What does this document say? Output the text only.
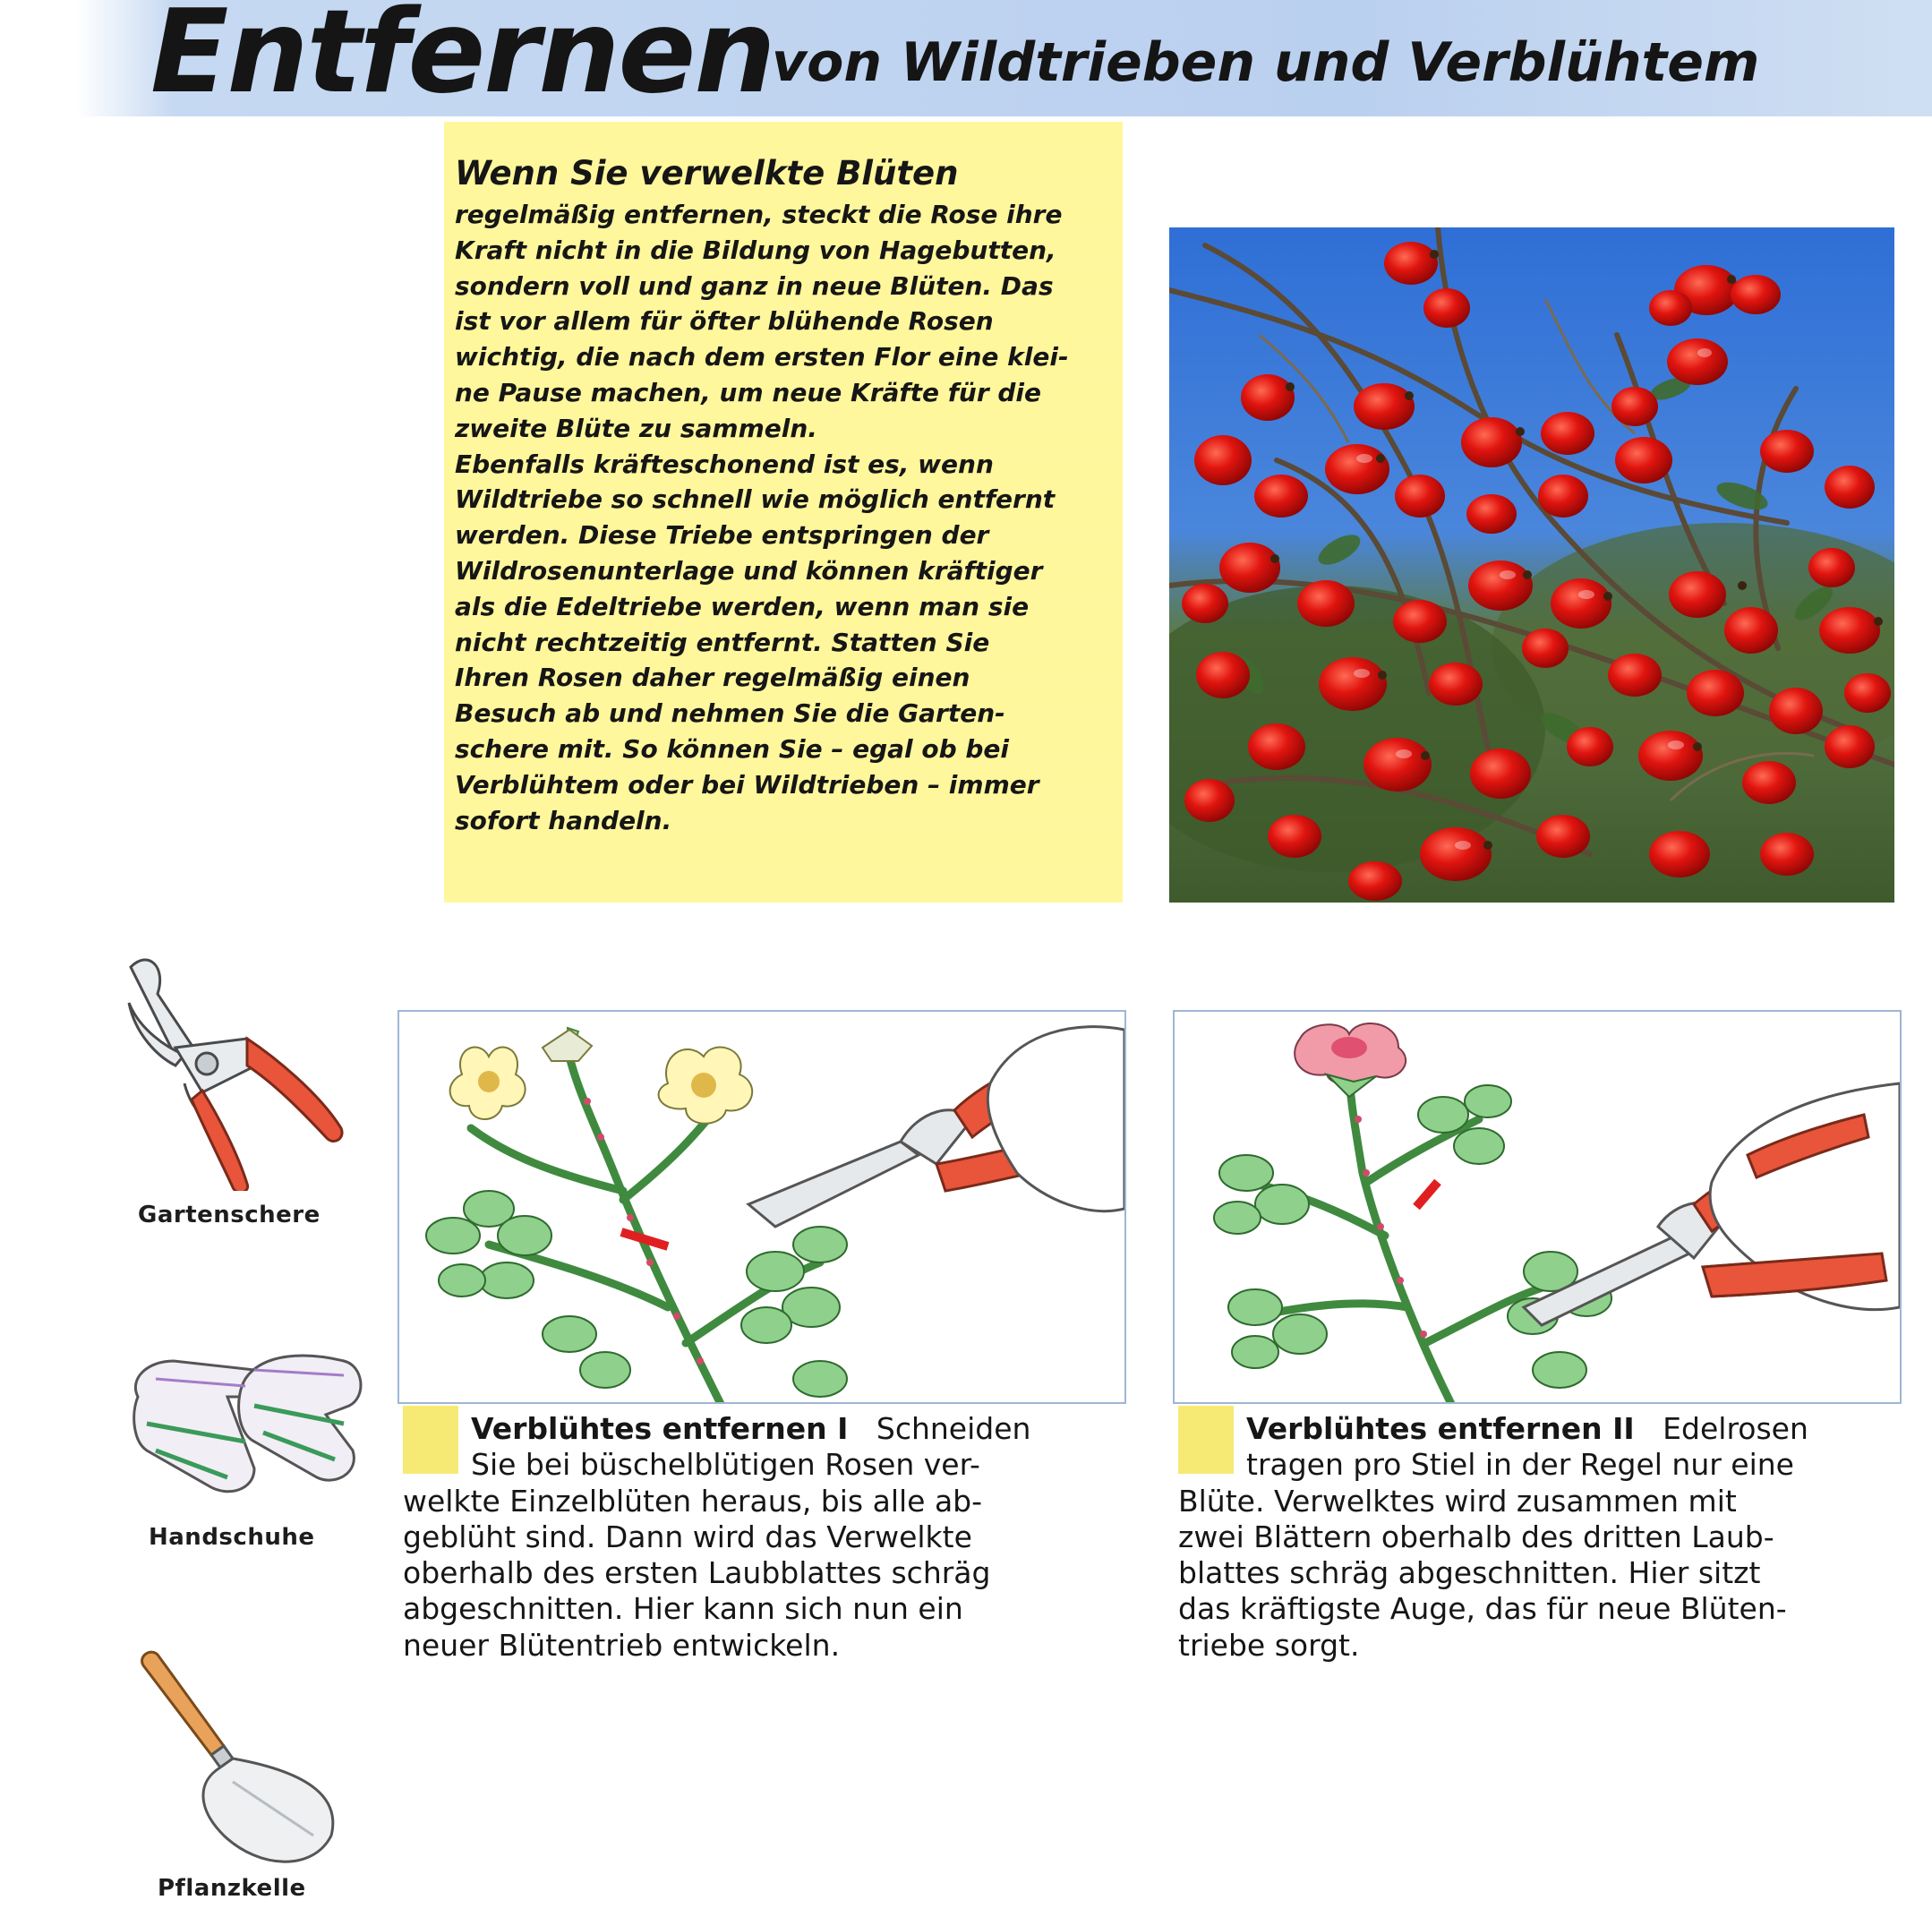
Entfernen
von Wildtrieben und Verblühtem
Wenn Sie verwelkte Blüten
regelmäßig entfernen, steckt die Rose ihre
Kraft nicht in die Bildung von Hagebutten,
sondern voll und ganz in neue Blüten. Das
ist vor allem für öfter blühende Rosen
wichtig, die nach dem ersten Flor eine klei-
ne Pause machen, um neue Kräfte für die
zweite Blüte zu sammeln.
Ebenfalls kräfteschonend ist es, wenn
Wildtriebe so schnell wie möglich entfernt
werden. Diese Triebe entspringen der
Wildrosenunterlage und können kräftiger
als die Edeltriebe werden, wenn man sie
nicht rechtzeitig entfernt. Statten Sie
Ihren Rosen daher regelmäßig einen
Besuch ab und nehmen Sie die Garten-
schere mit. So können Sie – egal ob bei
Verblühtem oder bei Wildtrieben – immer
sofort handeln.
Gartenschere
Handschuhe
Pflanzkelle
Verblühtes entfernen I Schneiden
Sie bei büschelblütigen Rosen ver-
welkte Einzelblüten heraus, bis alle ab-
geblüht sind. Dann wird das Verwelkte
oberhalb des ersten Laubblattes schräg
abgeschnitten. Hier kann sich nun ein
neuer Blütentrieb entwickeln.
Verblühtes entfernen II Edelrosen
tragen pro Stiel in der Regel nur eine
Blüte. Verwelktes wird zusammen mit
zwei Blättern oberhalb des dritten Laub-
blattes schräg abgeschnitten. Hier sitzt
das kräftigste Auge, das für neue Blüten-
triebe sorgt.
